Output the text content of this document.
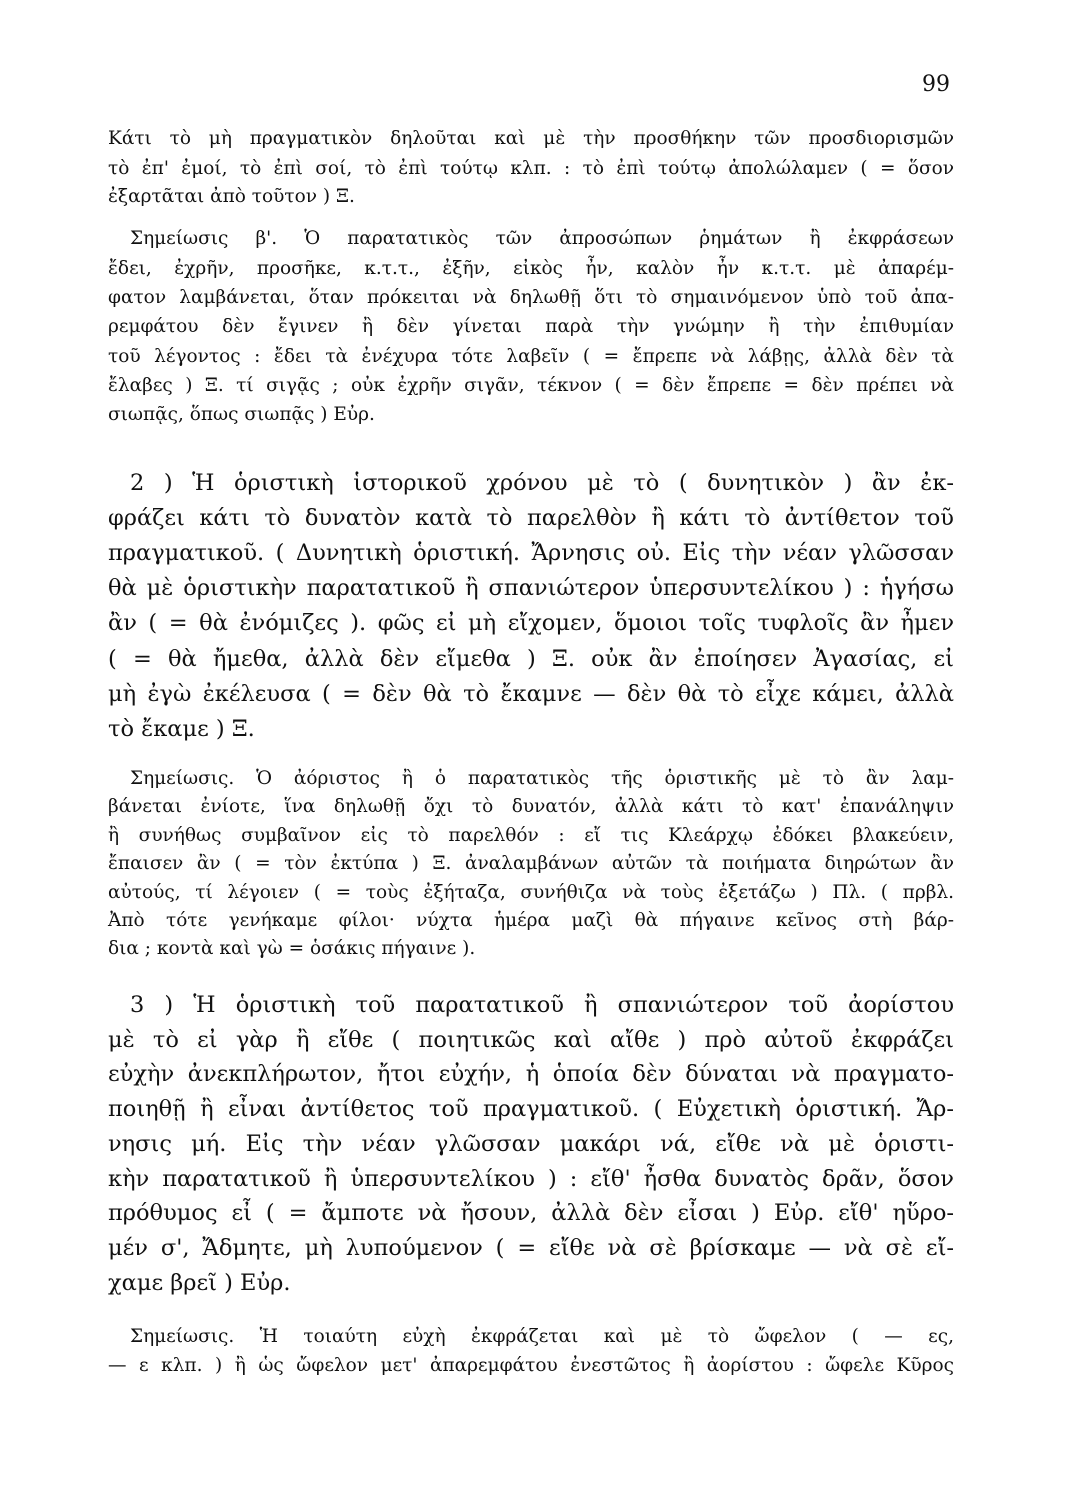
99
Κάτι τὸ μὴ πραγματικὸν δηλοῦται καὶ μὲ τὴν προσθήκην τῶν προσδιορισμῶν
τὸ ἐπ' ἐμοί, τὸ ἐπὶ σοί, τὸ ἐπὶ τούτῳ κλπ. : τὸ ἐπὶ τούτῳ ἀπολώλαμεν ( = ὅσον
ἐξαρτᾶται ἀπὸ τοῦτον ) Ξ.
Σημείωσις β'. Ὁ παρατατικὸς τῶν ἀπροσώπων ῥημάτων ἢ ἐκφράσεων
ἔδει, ἐχρῆν, προσῆκε, κ.τ.τ., ἐξῆν, εἰκὸς ἦν, καλὸν ἦν κ.τ.τ. μὲ ἀπαρέμ-
φατον λαμβάνεται, ὅταν πρόκειται νὰ δηλωθῇ ὅτι τὸ σημαινόμενον ὑπὸ τοῦ ἀπα-
ρεμφάτου δὲν ἔγινεν ἢ δὲν γίνεται παρὰ τὴν γνώμην ἢ τὴν ἐπιθυμίαν
τοῦ λέγοντος : ἔδει τὰ ἐνέχυρα τότε λαβεῖν ( = ἔπρεπε νὰ λάβῃς, ἀλλὰ δὲν τὰ
ἔλαβες ) Ξ. τί σιγᾷς ; οὐκ ἐχρῆν σιγᾶν, τέκνον ( = δὲν ἔπρεπε = δὲν πρέπει νὰ
σιωπᾷς, ὅπως σιωπᾷς ) Εὐρ.
2 ) Ἡ ὁριστικὴ ἱστορικοῦ χρόνου μὲ τὸ ( δυνητικὸν ) ἂν ἐκ-
φράζει κάτι τὸ δυνατὸν κατὰ τὸ παρελθὸν ἢ κάτι τὸ ἀντίθετον τοῦ
πραγματικοῦ. ( Δυνητικὴ ὁριστική. Ἄρνησις οὐ. Εἰς τὴν νέαν γλῶσσαν
θὰ μὲ ὁριστικὴν παρατατικοῦ ἢ σπανιώτερον ὑπερσυντελίκου ) : ἡγήσω
ἂν ( = θὰ ἐνόμιζες ). φῶς εἰ μὴ εἴχομεν, ὅμοιοι τοῖς τυφλοῖς ἂν ἦμεν
( = θὰ ἤμεθα, ἀλλὰ δὲν εἴμεθα ) Ξ. οὐκ ἂν ἐποίησεν Ἀγασίας, εἰ
μὴ ἐγὼ ἐκέλευσα ( = δὲν θὰ τὸ ἔκαμνε — δὲν θὰ τὸ εἶχε κάμει, ἀλλὰ
τὸ ἔκαμε ) Ξ.
Σημείωσις. Ὁ ἀόριστος ἢ ὁ παρατατικὸς τῆς ὁριστικῆς μὲ τὸ ἂν λαμ-
βάνεται ἐνίοτε, ἵνα δηλωθῇ ὄχι τὸ δυνατόν, ἀλλὰ κάτι τὸ κατ' ἐπανάληψιν
ἢ συνήθως συμβαῖνον εἰς τὸ παρελθόν : εἴ τις Κλεάρχῳ ἐδόκει βλακεύειν,
ἔπαισεν ἂν ( = τὸν ἐκτύπα ) Ξ. ἀναλαμβάνων αὐτῶν τὰ ποιήματα διηρώτων ἂν
αὐτούς, τί λέγοιεν ( = τοὺς ἐξήταζα, συνήθιζα νὰ τοὺς ἐξετάζω ) Πλ. ( πρβλ.
Ἀπὸ τότε γενήκαμε φίλοι· νύχτα ἡμέρα μαζὶ θὰ πήγαινε κεῖνος στὴ βάρ-
δια ; κοντὰ καὶ γὼ = ὁσάκις πήγαινε ).
3 ) Ἡ ὁριστικὴ τοῦ παρατατικοῦ ἢ σπανιώτερον τοῦ ἀορίστου
μὲ τὸ εἰ γὰρ ἢ εἴθε ( ποιητικῶς καὶ αἴθε ) πρὸ αὐτοῦ ἐκφράζει
εὐχὴν ἀνεκπλήρωτον, ἤτοι εὐχήν, ἡ ὁποία δὲν δύναται νὰ πραγματο-
ποιηθῇ ἢ εἶναι ἀντίθετος τοῦ πραγματικοῦ. ( Εὐχετικὴ ὁριστική. Ἄρ-
νησις μή. Εἰς τὴν νέαν γλῶσσαν μακάρι νά, εἴθε νὰ μὲ ὁριστι-
κὴν παρατατικοῦ ἢ ὑπερσυντελίκου ) : εἴθ' ἦσθα δυνατὸς δρᾶν, ὅσον
πρόθυμος εἶ ( = ἄμποτε νὰ ἤσουν, ἀλλὰ δὲν εἶσαι ) Εὐρ. εἴθ' ηὕρο-
μέν σ', Ἄδμητε, μὴ λυπούμενον ( = εἴθε νὰ σὲ βρίσκαμε — νὰ σὲ εἴ-
χαμε βρεῖ ) Εὐρ.
Σημείωσις. Ἡ τοιαύτη εὐχὴ ἐκφράζεται καὶ μὲ τὸ ὤφελον ( — ες,
— ε κλπ. ) ἢ ὡς ὤφελον μετ' ἀπαρεμφάτου ἐνεστῶτος ἢ ἀορίστου : ὤφελε Κῦρος
